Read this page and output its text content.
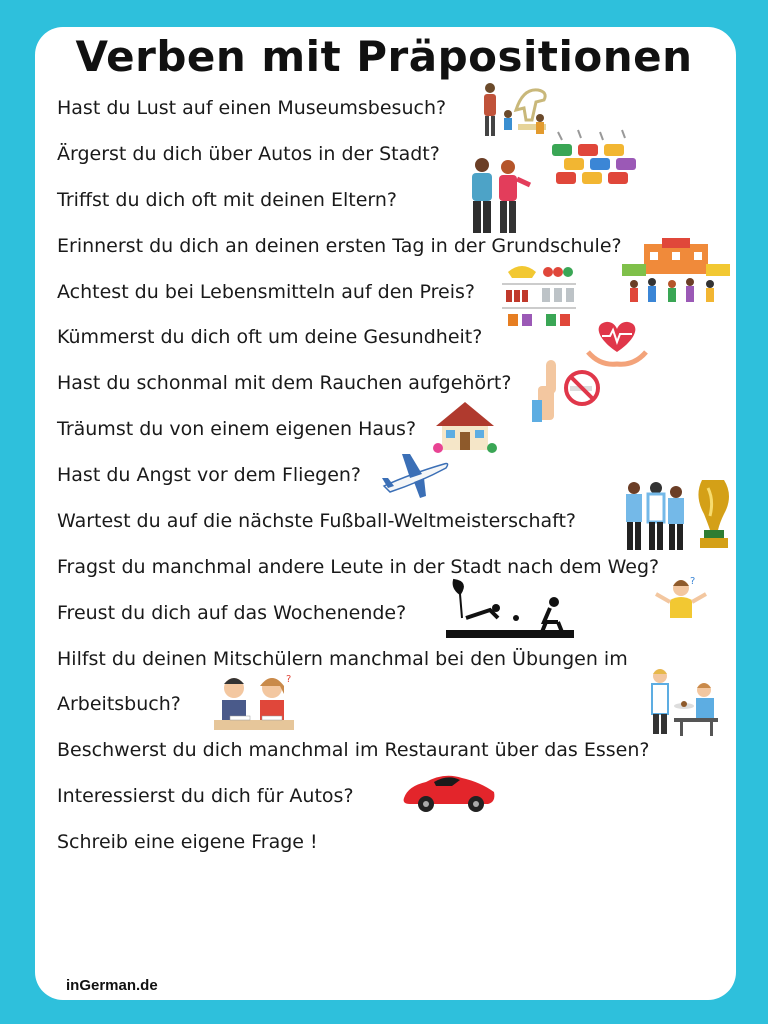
Verben mit Präpositionen
Hast du Lust auf einen Museumsbesuch?
Ärgerst du dich über Autos in der Stadt?
Triffst du dich oft mit deinen Eltern?
Erinnerst du dich an deinen ersten Tag in der Grundschule?
Achtest du bei Lebensmitteln auf den Preis?
Kümmerst du dich oft um deine Gesundheit?
Hast du schonmal mit dem Rauchen aufgehört?
Träumst du von einem eigenen Haus?
Hast du Angst vor dem Fliegen?
Wartest du auf die nächste Fußball-Weltmeisterschaft?
Fragst du manchmal andere Leute in der Stadt nach dem Weg?
Freust du dich auf das Wochenende?
Hilfst du deinen Mitschülern manchmal bei den Übungen im
Arbeitsbuch?
Beschwerst du dich manchmal im Restaurant über das Essen?
Interessierst du dich für Autos?
Schreib eine eigene Frage !
inGerman.de
?
?
